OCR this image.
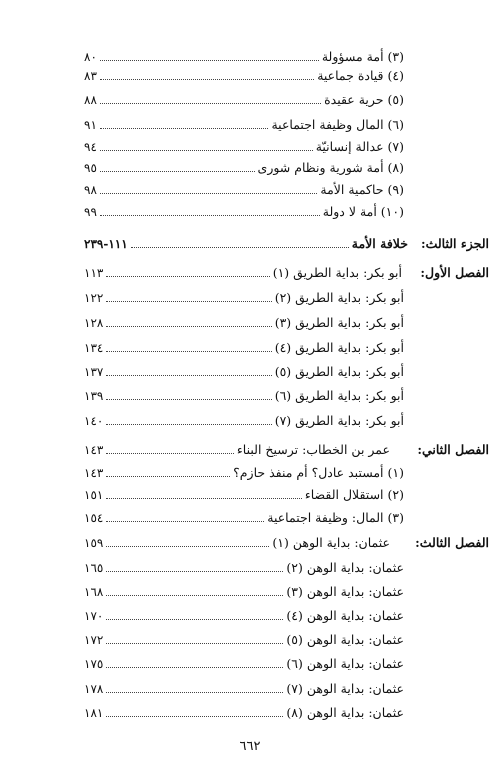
(٣) أمة مسؤولة
٨٠
(٤) قيادة جماعية
٨٣
(٥) حرية عقيدة
٨٨
(٦) المال وظيفة اجتماعية
٩١
(٧) عدالة إنسانيّة
٩٤
(٨) أمة شورية ونظام شورى
٩٥
(٩) حاكمية الأمة
٩٨
(١٠) أمة لا دولة
٩٩
الجزء الثالث:
خلافة الأمة
١١١-٢٣٩
الفصل الأول:
أبو بكر: بداية الطريق (١)
١١٣
أبو بكر: بداية الطريق (٢)
١٢٢
أبو بكر: بداية الطريق (٣)
١٢٨
أبو بكر: بداية الطريق (٤)
١٣٤
أبو بكر: بداية الطريق (٥)
١٣٧
أبو بكر: بداية الطريق (٦)
١٣٩
أبو بكر: بداية الطريق (٧)
١٤٠
الفصل الثاني:
عمر بن الخطاب: ترسيخ البناء
١٤٣
(١) أمستبد عادل؟ أم منفذ حازم؟
١٤٣
(٢) استقلال القضاء
١٥١
(٣) المال: وظيفة اجتماعية
١٥٤
الفصل الثالث:
عثمان: بداية الوهن (١)
١٥٩
عثمان: بداية الوهن (٢)
١٦٥
عثمان: بداية الوهن (٣)
١٦٨
عثمان: بداية الوهن (٤)
١٧٠
عثمان: بداية الوهن (٥)
١٧٢
عثمان: بداية الوهن (٦)
١٧٥
عثمان: بداية الوهن (٧)
١٧٨
عثمان: بداية الوهن (٨)
١٨١
٦٦٢
